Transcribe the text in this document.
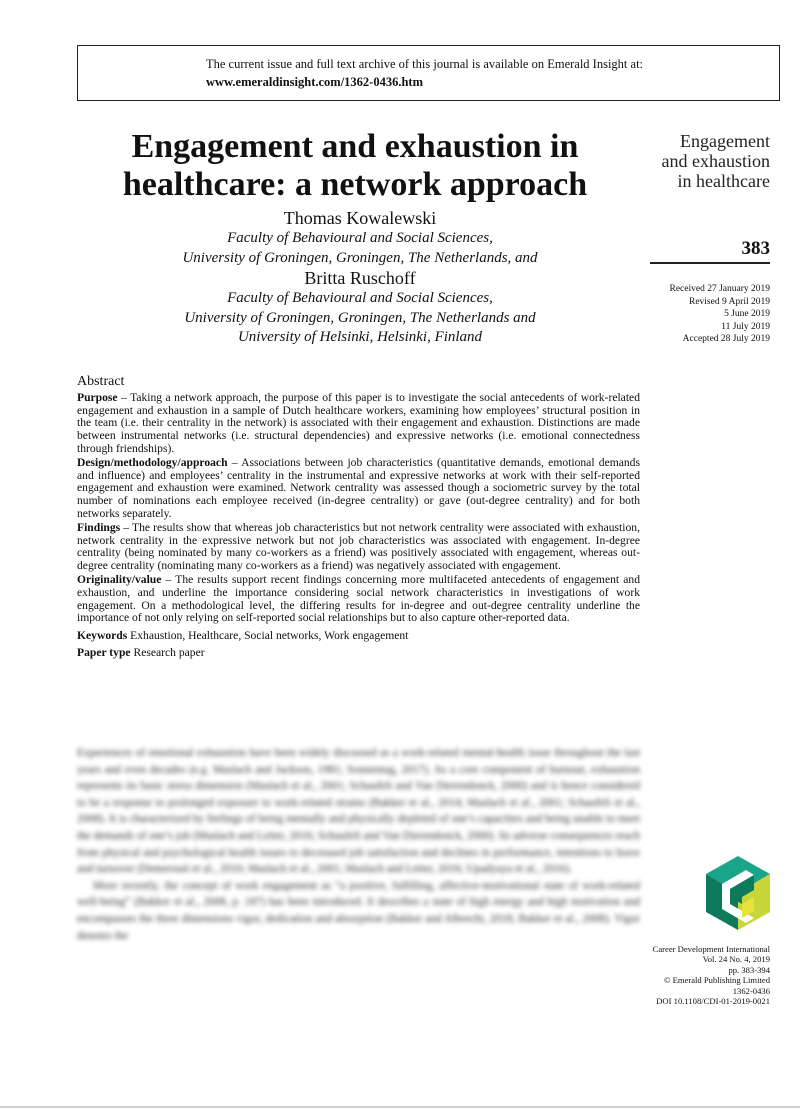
The current issue and full text archive of this journal is available on Emerald Insight at:
www.emeraldinsight.com/1362-0436.htm
Engagement and exhaustion in
healthcare: a network approach
Thomas Kowalewski
Faculty of Behavioural and Social Sciences,
University of Groningen, Groningen, The Netherlands, and
Britta Ruschoff
Faculty of Behavioural and Social Sciences,
University of Groningen, Groningen, The Netherlands and
University of Helsinki, Helsinki, Finland
Engagement
and exhaustion
in healthcare
383
Received 27 January 2019
Revised 9 April 2019
5 June 2019
11 July 2019
Accepted 28 July 2019
Abstract

Purpose – Taking a network approach, the purpose of this paper is to investigate the social antecedents of work-related engagement and exhaustion in a sample of Dutch healthcare workers, examining how employees’ structural position in the team (i.e. their centrality in the network) is associated with their engagement and exhaustion. Distinctions are made between instrumental networks (i.e. structural dependencies) and expressive networks (i.e. emotional connectedness through friendships).

Design/methodology/approach – Associations between job characteristics (quantitative demands, emotional demands and influence) and employees’ centrality in the instrumental and expressive networks at work with their self-reported engagement and exhaustion were examined. Network centrality was assessed though a sociometric survey by the total number of nominations each employee received (in-degree centrality) or gave (out-degree centrality) and for both networks separately.

Findings – The results show that whereas job characteristics but not network centrality were associated with exhaustion, network centrality in the expressive network but not job characteristics was associated with engagement. In-degree centrality (being nominated by many co-workers as a friend) was positively associated with engagement, whereas out-degree centrality (nominating many co-workers as a friend) was negatively associated with engagement.

Originality/value – The results support recent findings concerning more multifaceted antecedents of engagement and exhaustion, and underline the importance considering social network characteristics in investigations of work engagement. On a methodological level, the differing results for in-degree and out-degree centrality underline the importance of not only relying on self-reported social relationships but to also capture other-reported data.

Keywords Exhaustion, Healthcare, Social networks, Work engagement
Paper type Research paper

Experiences of emotional exhaustion have been widely discussed as a work-related mental-health issue throughout the last years and even decades (e.g. Maslach and Jackson, 1981; Sonnentag, 2017). As a core component of burnout, exhaustion represents its basic stress dimension (Maslach et al., 2001; Schaufeli and Van Dierendonck, 2000) and is hence considered to be a response to prolonged exposure to work-related strains (Bakker et al., 2014; Maslach et al., 2001; Schaufeli et al., 2008). It is characterized by feelings of being mentally and physically depleted of one’s capacities and being unable to meet the demands of one’s job (Maslach and Leiter, 2016; Schaufeli and Van Dierendonck, 2000). Its adverse consequences reach from physical and psychological health issues to decreased job satisfaction and declines in performance, intentions to leave and turnover (Demerouti et al., 2010; Maslach et al., 2001; Maslach and Leiter, 2016; Upadyaya et al., 2016).

More recently, the concept of work engagement as “a positive, fulfilling, affective-motivational state of work-related well-being” (Bakker et al., 2008, p. 187) has been introduced. It describes a state of high energy and high motivation and encompasses the three dimensions vigor, dedication and absorption (Bakker and Albrecht, 2018; Bakker et al., 2008). Vigor denotes the

Career Development International
Vol. 24 No. 4, 2019
pp. 383-394
© Emerald Publishing Limited
1362-0436
DOI 10.1108/CDI-01-2019-0021
